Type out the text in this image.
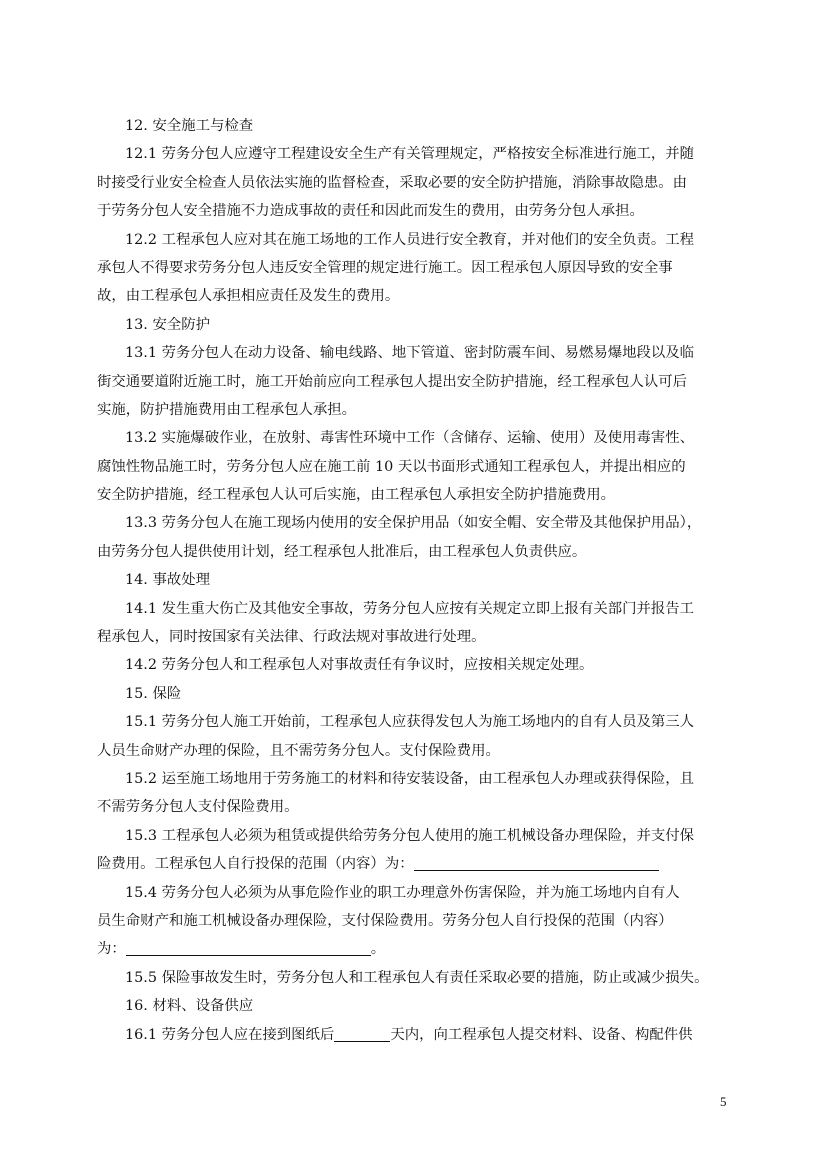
12. 安全施工与检查
12.1 劳务分包人应遵守工程建设安全生产有关管理规定，严格按安全标准进行施工，并随
时接受行业安全检查人员依法实施的监督检查，采取必要的安全防护措施，消除事故隐患。由
于劳务分包人安全措施不力造成事故的责任和因此而发生的费用，由劳务分包人承担。
12.2 工程承包人应对其在施工场地的工作人员进行安全教育，并对他们的安全负责。工程
承包人不得要求劳务分包人违反安全管理的规定进行施工。因工程承包人原因导致的安全事
故，由工程承包人承担相应责任及发生的费用。
13. 安全防护
13.1 劳务分包人在动力设备、输电线路、地下管道、密封防震车间、易燃易爆地段以及临
街交通要道附近施工时，施工开始前应向工程承包人提出安全防护措施，经工程承包人认可后
实施，防护措施费用由工程承包人承担。
13.2 实施爆破作业，在放射、毒害性环境中工作（含储存、运输、使用）及使用毒害性、
腐蚀性物品施工时，劳务分包人应在施工前 10 天以书面形式通知工程承包人，并提出相应的
安全防护措施，经工程承包人认可后实施，由工程承包人承担安全防护措施费用。
13.3 劳务分包人在施工现场内使用的安全保护用品（如安全帽、安全带及其他保护用品），
由劳务分包人提供使用计划，经工程承包人批准后，由工程承包人负责供应。
14. 事故处理
14.1 发生重大伤亡及其他安全事故，劳务分包人应按有关规定立即上报有关部门并报告工
程承包人，同时按国家有关法律、行政法规对事故进行处理。
14.2 劳务分包人和工程承包人对事故责任有争议时，应按相关规定处理。
15. 保险
15.1 劳务分包人施工开始前，工程承包人应获得发包人为施工场地内的自有人员及第三人
人员生命财产办理的保险，且不需劳务分包人。支付保险费用。
15.2 运至施工场地用于劳务施工的材料和待安装设备，由工程承包人办理或获得保险，且
不需劳务分包人支付保险费用。
15.3 工程承包人必须为租赁或提供给劳务分包人使用的施工机械设备办理保险，并支付保
险费用。工程承包人自行投保的范围（内容）为：
15.4 劳务分包人必须为从事危险作业的职工办理意外伤害保险，并为施工场地内自有人
员生命财产和施工机械设备办理保险，支付保险费用。劳务分包人自行投保的范围（内容）
为：	。
15.5 保险事故发生时，劳务分包人和工程承包人有责任采取必要的措施，防止或减少损失。
16. 材料、设备供应
16.1 劳务分包人应在接到图纸后	天内，向工程承包人提交材料、设备、构配件供
5
